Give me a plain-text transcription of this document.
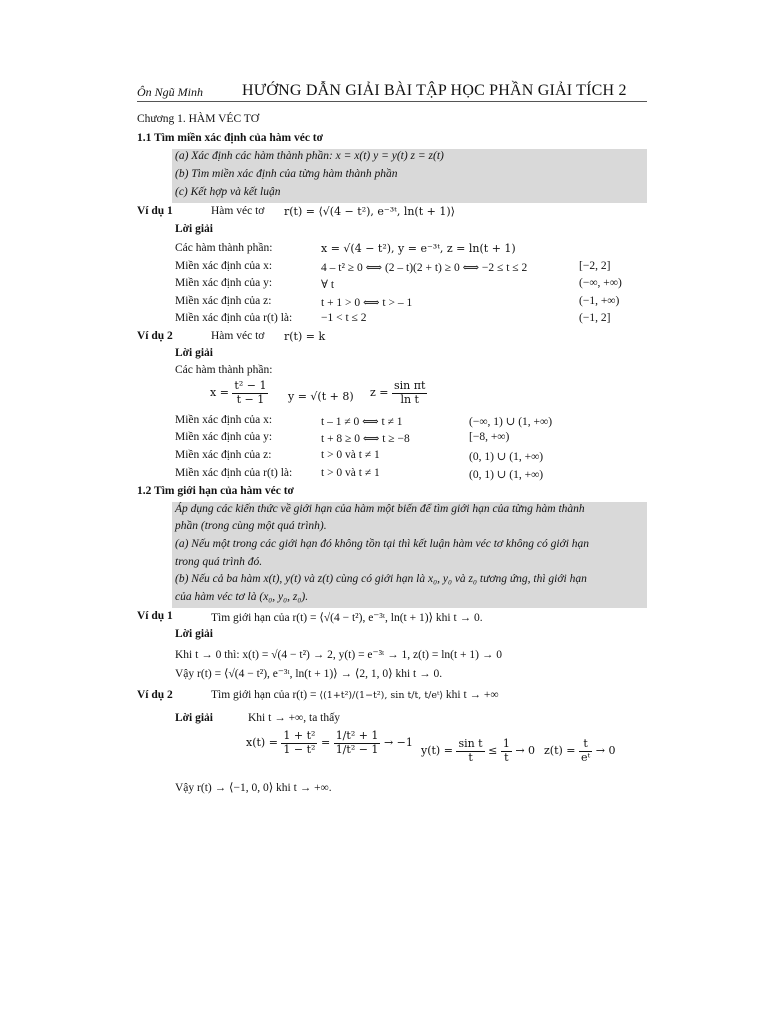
Ôn Ngũ Minh HƯỚNG DẪN GIẢI BÀI TẬP HỌC PHẦN GIẢI TÍCH 2
Chương 1. HÀM VÉC TƠ
1.1 Tìm miền xác định của hàm véc tơ
(a) Xác định các hàm thành phần: x = x(t) y = y(t) z = z(t)
(b) Tìm miền xác định của từng hàm thành phần
(c) Kết hợp và kết luận
Ví dụ 1	Hàm véc tơ r(t) = ⟨√(4 − t²), e⁻³ᵗ, ln(t + 1)⟩
Lời giải
Các hàm thành phần:	x = √(4 − t²), y = e⁻³ᵗ, z = ln(t + 1)
Miền xác định của x:	4 – t² ≥ 0 ⟺ (2 – t)(2 + t) ≥ 0 ⟺ −2 ≤ t ≤ 2	[−2, 2]
Miền xác định của y:	∀ t	(−∞, +∞)
Miền xác định của z:	t + 1 > 0 ⟺ t > – 1	(−1, +∞)
Miền xác định của r(t) là:	−1 < t ≤ 2	(−1, 2]
Ví dụ 2	Hàm véc tơ r(t) = k
Lời giải
Các hàm thành phần:
$x = \frac{\text{t² − 1}}{t - 1}$ y = √(t + 8) $z = \frac{\text{sin πt}}{\text{ln t}}$
Miền xác định của x:	t – 1 ≠ 0 ⟺ t ≠ 1	(−∞, 1) ∪ (1, +∞)
Miền xác định của y:	t + 8 ≥ 0 ⟺ t ≥ −8	[−8, +∞)
Miền xác định của z:	t > 0 và t ≠ 1	(0, 1) ∪ (1, +∞)
Miền xác định của r(t) là:	t > 0 và t ≠ 1	(0, 1) ∪ (1, +∞)
1.2 Tìm giới hạn của hàm véc tơ
Áp dụng các kiến thức về giới hạn của hàm một biến để tìm giới hạn của từng hàm thành
phần (trong cùng một quá trình).
(a) Nếu một trong các giới hạn đó không tồn tại thì kết luận hàm véc tơ không có giới hạn
trong quá trình đó.
(b) Nếu cả ba hàm x(t), y(t) và z(t) cùng có giới hạn là x₀, y₀ và z₀ tương ứng, thì giới hạn
của hàm véc tơ là (x₀, y₀, z₀).
Ví dụ 1	Tìm giới hạn của r(t) = ⟨√(4 − t²), e⁻³ᵗ, ln(t + 1)⟩ khi t → 0.
Lời giải
Khi t → 0 thì: x(t) = √(4 − t²) → 2, y(t) = e⁻³ᵗ → 1, z(t) = ln(t + 1) → 0
Vậy r(t) = ⟨√(4 − t²), e⁻³ᵗ, ln(t + 1)⟩ → ⟨2, 1, 0⟩ khi t → 0.
Ví dụ 2	Tìm giới hạn của r(t) = ⟨(1+t²)/(1−t²), sin t/t, t/eᵗ⟩ khi t → +∞
Lời giải	Khi t → +∞, ta thấy
$x(t) = \frac{\text{1 + t²}}{\text{1 − t²}} = \frac{\text{1/t² + 1}}{\text{1/t² − 1}} \to -1$
$y(t) = \frac{\text{sin t}}{t} \le \frac{1}{t} \to 0$ $z(t) = \frac{t}{\text{eᵗ}} \to 0$
Vậy r(t) → ⟨−1, 0, 0⟩ khi t → +∞.
